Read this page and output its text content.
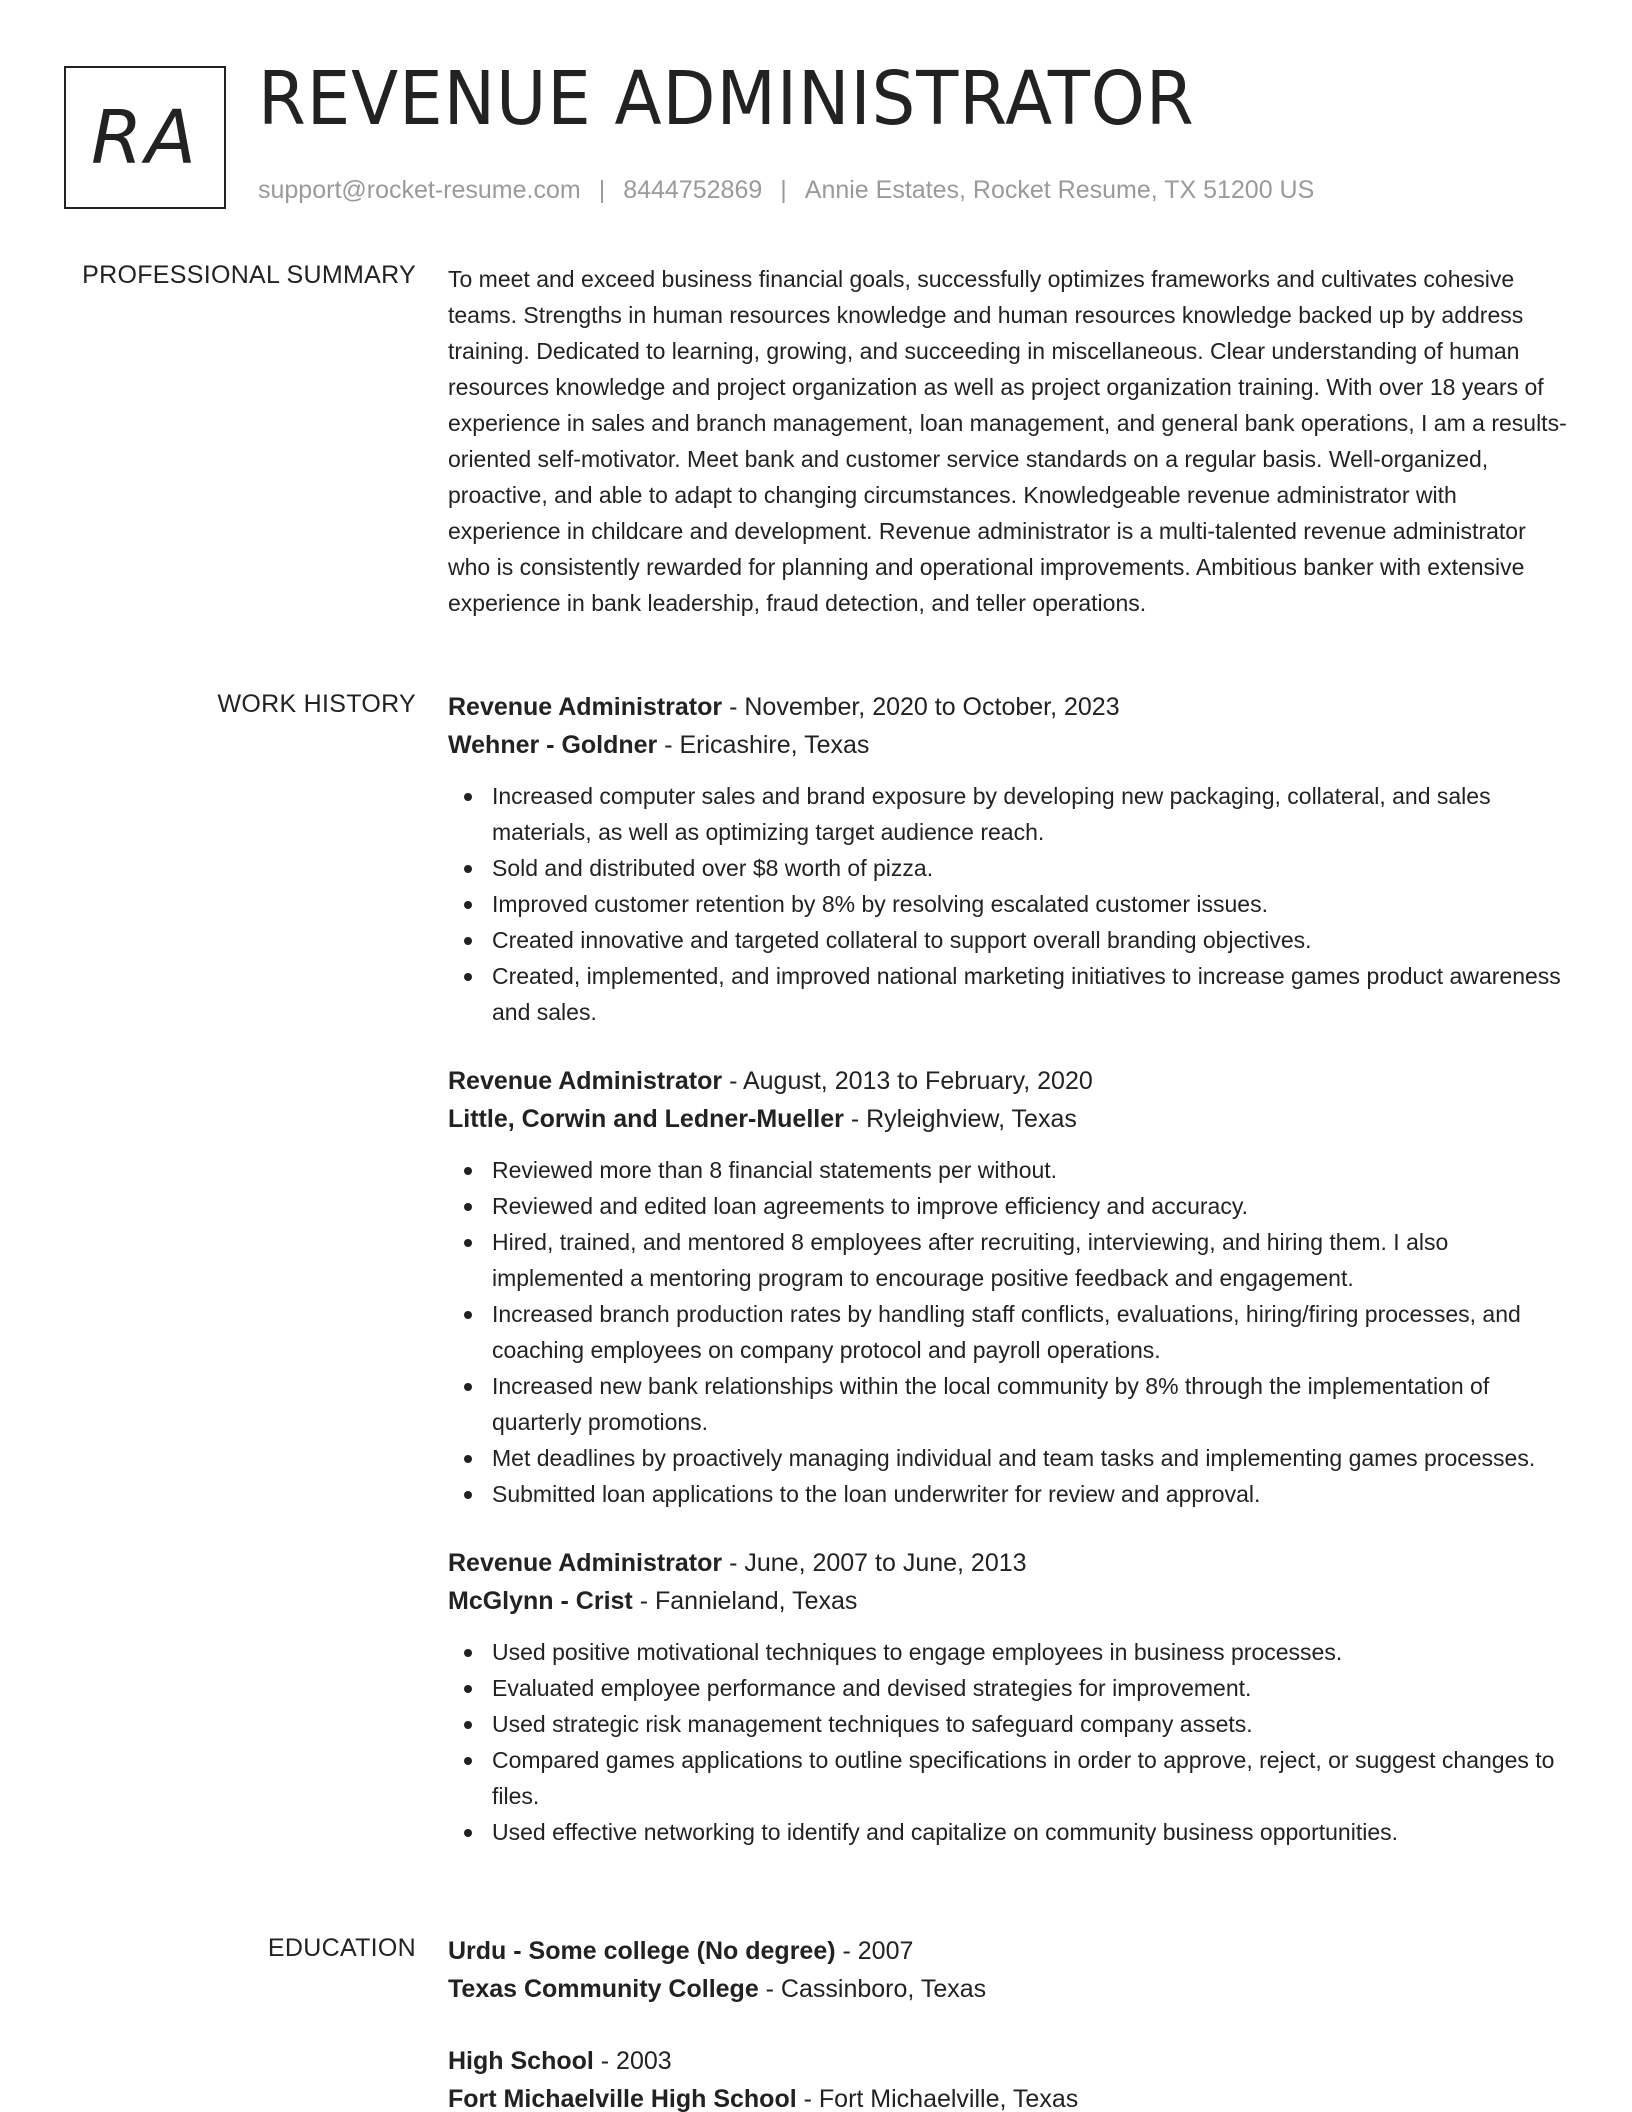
RA REVENUE ADMINISTRATOR
support@rocket-resume.com | 8444752869 | Annie Estates, Rocket Resume, TX 51200 US
PROFESSIONAL SUMMARY To meet and exceed business financial goals, successfully optimizes frameworks and cultivates cohesive teams. Strengths in human resources knowledge and human resources knowledge backed up by address training. Dedicated to learning, growing, and succeeding in miscellaneous. Clear understanding of human resources knowledge and project organization as well as project organization training. With over 18 years of experience in sales and branch management, loan management, and general bank operations, I am a results-oriented self-motivator. Meet bank and customer service standards on a regular basis. Well-organized, proactive, and able to adapt to changing circumstances. Knowledgeable revenue administrator with experience in childcare and development. Revenue administrator is a multi-talented revenue administrator who is consistently rewarded for planning and operational improvements. Ambitious banker with extensive experience in bank leadership, fraud detection, and teller operations.

WORK HISTORY Revenue Administrator - November, 2020 to October, 2023
Wehner - Goldner - Ericashire, Texas
Increased computer sales and brand exposure by developing new packaging, collateral, and sales materials, as well as optimizing target audience reach.
Sold and distributed over $8 worth of pizza.
Improved customer retention by 8% by resolving escalated customer issues.
Created innovative and targeted collateral to support overall branding objectives.
Created, implemented, and improved national marketing initiatives to increase games product awareness and sales.
Revenue Administrator - August, 2013 to February, 2020
Little, Corwin and Ledner-Mueller - Ryleighview, Texas
Reviewed more than 8 financial statements per without.
Reviewed and edited loan agreements to improve efficiency and accuracy.
Hired, trained, and mentored 8 employees after recruiting, interviewing, and hiring them. I also implemented a mentoring program to encourage positive feedback and engagement.
Increased branch production rates by handling staff conflicts, evaluations, hiring/firing processes, and coaching employees on company protocol and payroll operations.
Increased new bank relationships within the local community by 8% through the implementation of quarterly promotions.
Met deadlines by proactively managing individual and team tasks and implementing games processes.
Submitted loan applications to the loan underwriter for review and approval.
Revenue Administrator - June, 2007 to June, 2013
McGlynn - Crist - Fannieland, Texas
Used positive motivational techniques to engage employees in business processes.
Evaluated employee performance and devised strategies for improvement.
Used strategic risk management techniques to safeguard company assets.
Compared games applications to outline specifications in order to approve, reject, or suggest changes to files.
Used effective networking to identify and capitalize on community business opportunities.
EDUCATION Urdu - Some college (No degree) - 2007
Texas Community College - Cassinboro, Texas
High School - 2003
Fort Michaelville High School - Fort Michaelville, Texas
